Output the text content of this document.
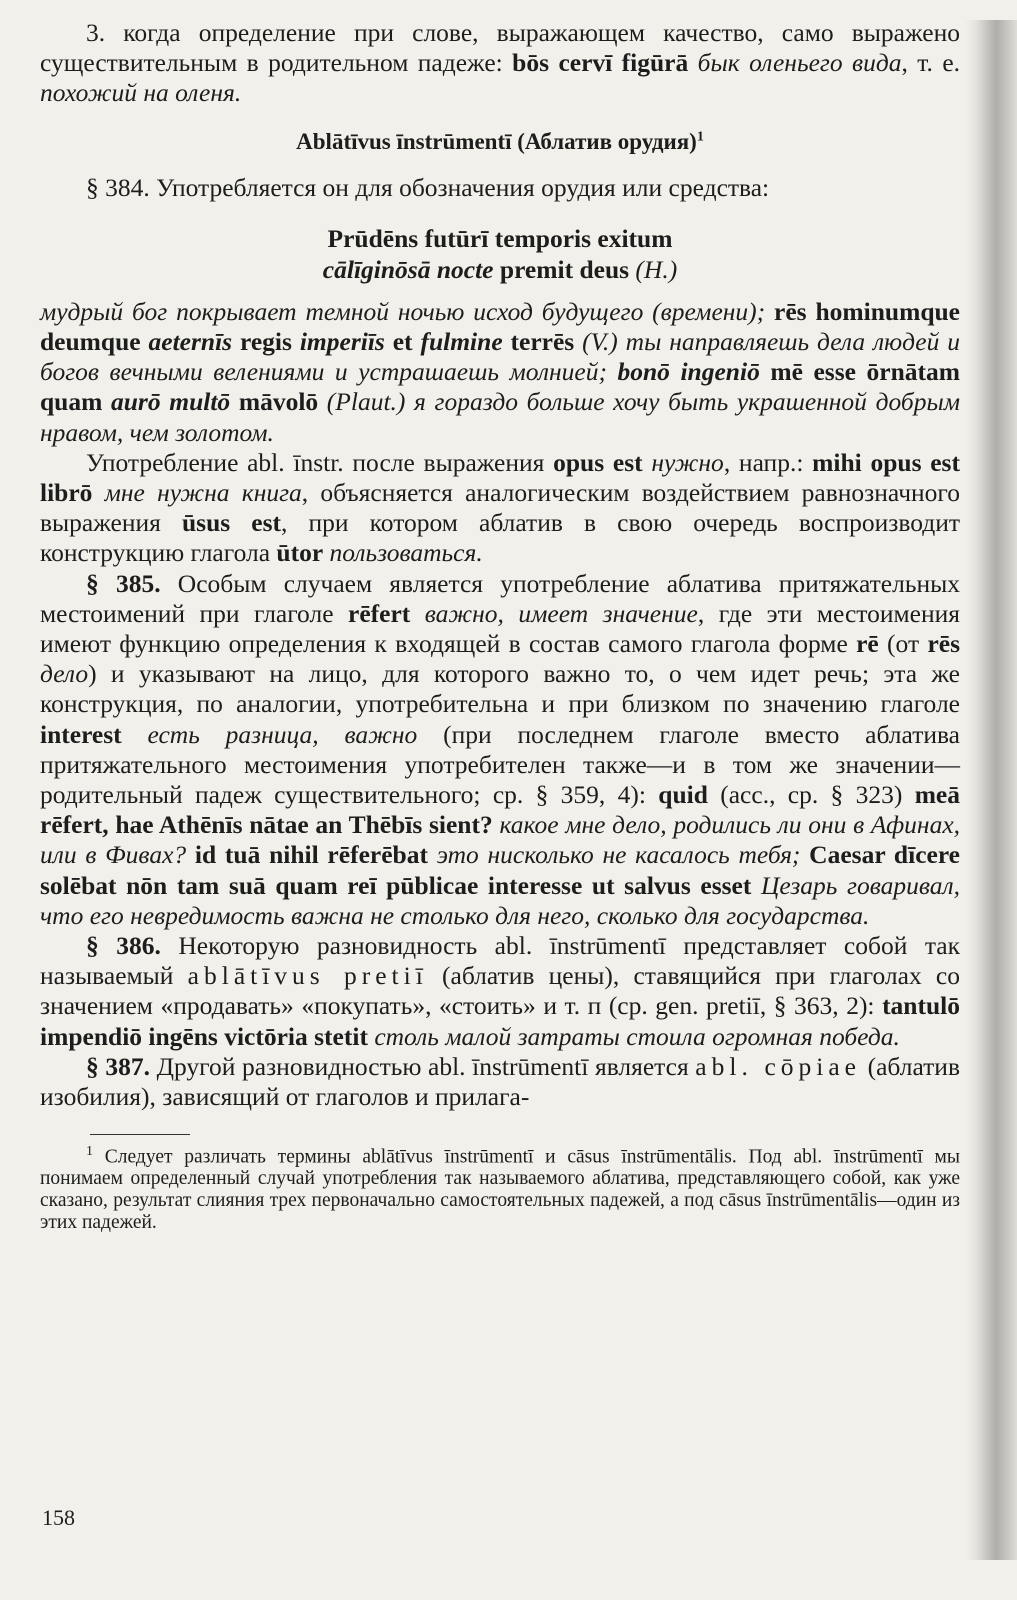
3. когда определение при слове, выражающем качество, само выражено существительным в родительном падеже: bōs cervī figūrā бык оленьего вида, т. е. похожий на оленя.

Ablātīvus īnstrūmentī (Аблатив орудия)$^1$

§ 384. Употребляется он для обозначения орудия или средства:

Prūdēns futūrī temporis exitum
cālīginōsā nocte premit deus (H.)

мудрый бог покрывает темной ночью исход будущего (времени); rēs hominumque deumque aeternīs regis imperiīs et fulmine terrēs (V.) ты направляешь дела людей и богов вечными велениями и устрашаешь молнией; bonō ingeniō mē esse ōrnātam quam aurō multō māvolō (Plaut.) я гораздо больше хочу быть украшенной добрым нравом, чем золотом.

Употребление abl. īnstr. после выражения opus est нужно, напр.: mihi opus est librō мне нужна книга, объясняется аналогическим воздействием равнозначного выражения ūsus est, при котором аблатив в свою очередь воспроизводит конструкцию глагола ūtor пользоваться.

§ 385. Особым случаем является употребление аблатива притяжательных местоимений при глаголе rēfert важно, имеет значение, где эти местоимения имеют функцию определения к входящей в состав самого глагола форме rē (от rēs дело) и указывают на лицо, для которого важно то, о чем идет речь; эта же конструкция, по аналогии, употребительна и при близком по значению глаголе interest есть разница, важно (при последнем глаголе вместо аблатива притяжательного местоимения употребителен также—и в том же значении—родительный падеж существительного; ср. § 359, 4): quid (acc., ср. § 323) meā rēfert, hae Athēnīs nātae an Thēbīs sient? какое мне дело, родились ли они в Афинах, или в Фивах? id tuā nihil rēferēbat это нисколько не касалось тебя; Caesar dīcere solēbat nōn tam suā quam reī pūblicae interesse ut salvus esset Цезарь говаривал, что его невредимость важна не столько для него, сколько для государства.

§ 386. Некоторую разновидность abl. īnstrūmentī представляет собой так называемый ablātīvus pretiī (аблатив цены), ставящийся при глаголах со значением «продавать» «покупать», «стоить» и т. п (ср. gen. pretiī, § 363, 2): tantulō impendiō ingēns victōria stetit столь малой затраты стоила огромная победа.

§ 387. Другой разновидностью abl. īnstrūmentī является abl. cōpiae (аблатив изобилия), зависящий от глаголов и прилага-

$^1$ Следует различать термины ablātīvus īnstrūmentī и cāsus īnstrūmentālis. Под abl. īnstrūmentī мы понимаем определенный случай употребления так называемого аблатива, представляющего собой, как уже сказано, результат слияния трех первоначально самостоятельных падежей, а под cāsus īnstrūmentālis—один из этих падежей.

158
